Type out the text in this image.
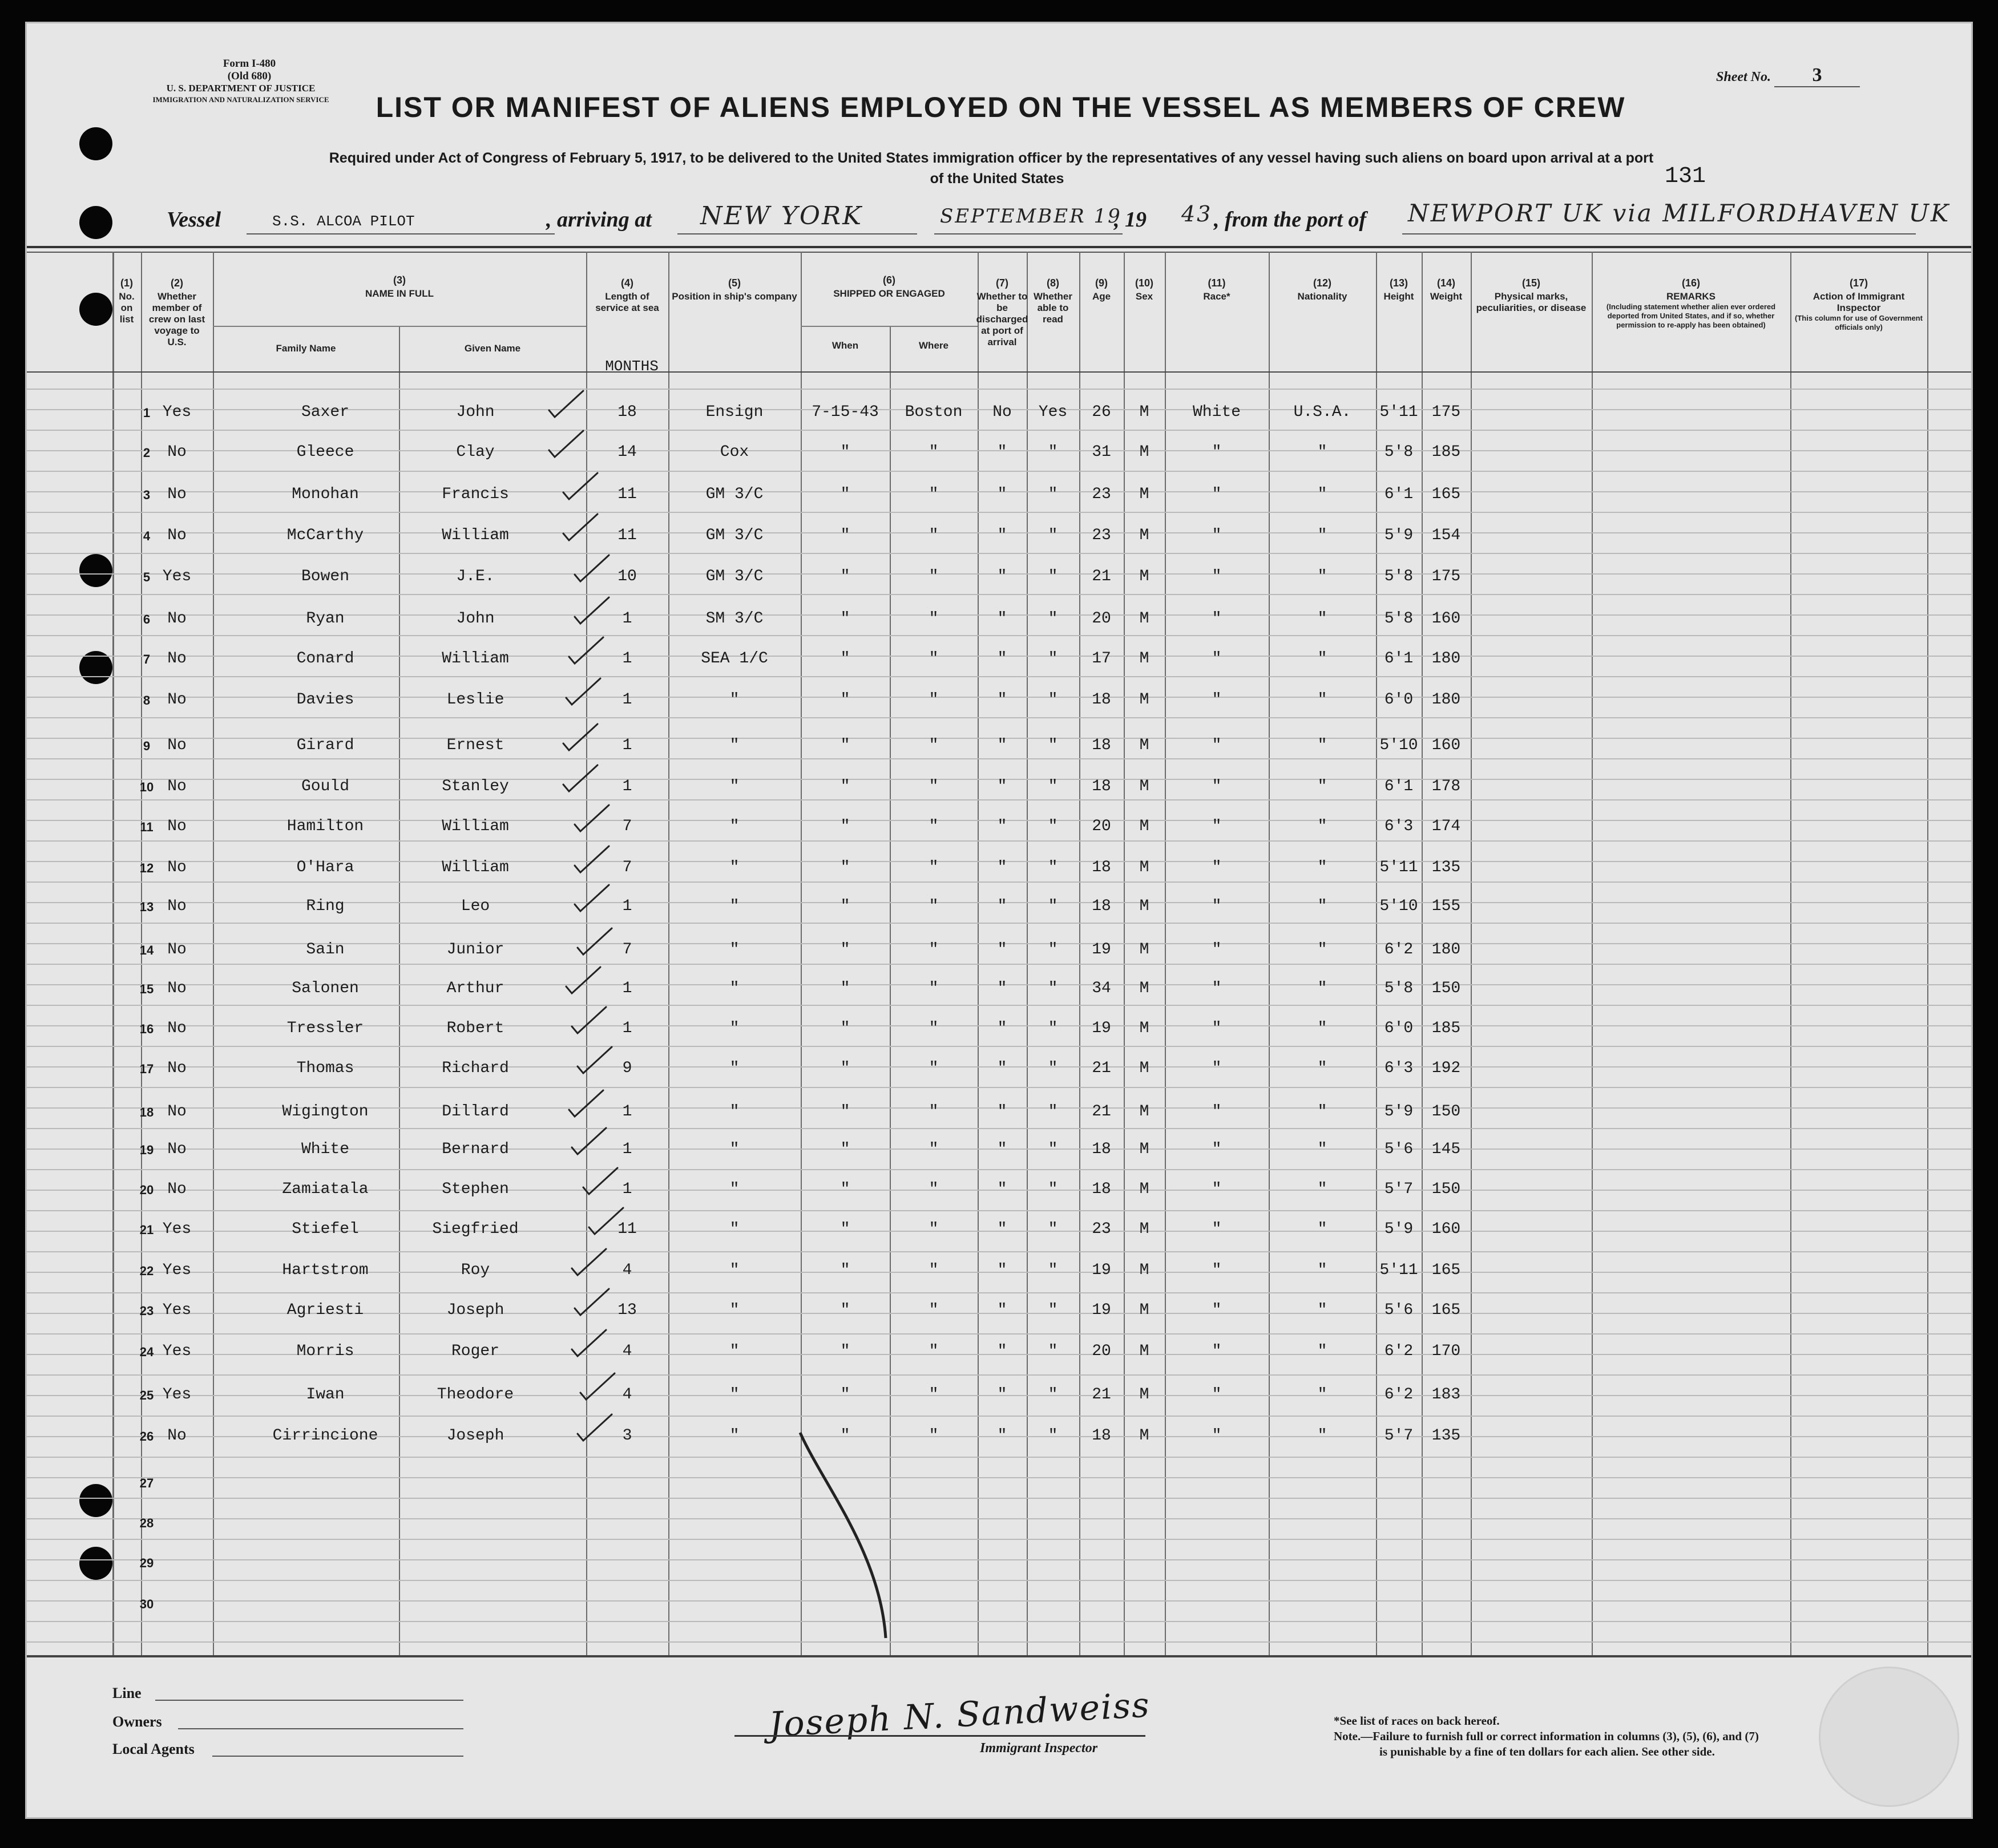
Form I-480
(Old 680)
U. S. DEPARTMENT OF JUSTICE
IMMIGRATION AND NATURALIZATION SERVICE
Sheet No. 3
LIST OR MANIFEST OF ALIENS EMPLOYED ON THE VESSEL AS MEMBERS OF CREW
Required under Act of Congress of February 5, 1917, to be delivered to the United States immigration officer by the representatives of any vessel having such aliens on board upon arrival at a port
of the United States	131
Vessel	S.S. ALCOA PILOT	, arriving at NEW YORK	SEPTEMBER 19
, 19 43 , from the port of NEWPORT UK via MILFORDHAVEN UK
(1)
No. on list
(2)
Whether member of crew on last voyage to U.S.
(3)
NAME IN FULL
(4)
Length of service at sea
(5)
Position in ship's company
(6)
SHIPPED OR ENGAGED
(7)
Whether to be discharged at port of arrival
(8)
Whether able to read
(9)
Age
(10)
Sex
(11)
Race*
(12)
Nationality
(13)
Height
(14)
Weight
(15)
Physical marks, peculiarities, or disease
(16)
REMARKS
(Including statement whether alien ever ordered deported from United States, and if so, whether permission to re-apply has been obtained)
(17)
Action of Immigrant Inspector
(This column for use of Government officials only)
Family Name	Given Name	When	Where
MONTHS
1 Yes	Saxer	John	18	Ensign	7-15-43	Boston	No	Yes	26	M	White	U.S.A.	5'11 175
2	No	Gleece	Clay	14	Cox	"	"	"	"	31	M	"	"	5'8	185
3	No	Monohan	Francis	11	GM 3/C	"	"	"	"	23	M	"	"	6'1	165
4	No	McCarthy	William	11	GM 3/C	"	"	"	"	23	M	"	"	5'9	154
5 Yes	Bowen	J.E.	10	GM 3/C	"	"	"	"	21	M	"	"	5'8	175
6	No	Ryan	John	1	SM 3/C	"	"	"	"	20	M	"	"	5'8	160
7	No	Conard	William	1	SEA 1/C	"	"	"	"	17	M	"	"	6'1	180
8	No	Davies	Leslie	1	"	"	"	"	"	18	M	"	"	6'0	180
9	No	Girard	Ernest	1	"	"	"	"	"	18	M	"	"	5'10 160
10 No	Gould	Stanley	1	"	"	"	"	"	18	M	"	"	6'1	178
11 No	Hamilton	William	7	"	"	"	"	"	20	M	"	"	6'3	174
12 No	O'Hara	William	7	"	"	"	"	"	18	M	"	"	5'11 135
13 No	Ring	Leo	1	"	"	"	"	"	18	M	"	"	5'10 155
14 No	Sain	Junior	7	"	"	"	"	"	19	M	"	"	6'2	180
15 No	Salonen	Arthur	1	"	"	"	"	"	34	M	"	"	5'8	150
16 No	Tressler	Robert	1	"	"	"	"	"	19	M	"	"	6'0	185
17 No	Thomas	Richard	9	"	"	"	"	"	21	M	"	"	6'3	192
18 No	Wigington	Dillard	1	"	"	"	"	"	21	M	"	"	5'9	150
19 No	White	Bernard	1	"	"	"	"	"	18	M	"	"	5'6	145
20 No	Zamiatala	Stephen	1	"	"	"	"	"	18	M	"	"	5'7	150
21 Yes	Stiefel	Siegfried	11	"	"	"	"	"	23	M	"	"	5'9	160
22 Yes	Hartstrom	Roy	4	"	"	"	"	"	19	M	"	"	5'11 165
23 Yes	Agriesti	Joseph	13	"	"	"	"	"	19	M	"	"	5'6	165
24 Yes	Morris	Roger	4	"	"	"	"	"	20	M	"	"	6'2	170
25 Yes	Iwan	Theodore	4	"	"	"	"	"	21	M	"	"	6'2	183
26 No	Cirrincione	Joseph	3	"	"	"	"	"	18	M	"	"	5'7	135
27
28
29
30
Line
Owners
Local Agents
Joseph N. Sandweiss
Immigrant Inspector
*See list of races on back hereof.
Note.—Failure to furnish full or correct information in columns (3), (5), (6), and (7)
is punishable by a fine of ten dollars for each alien. See other side.
